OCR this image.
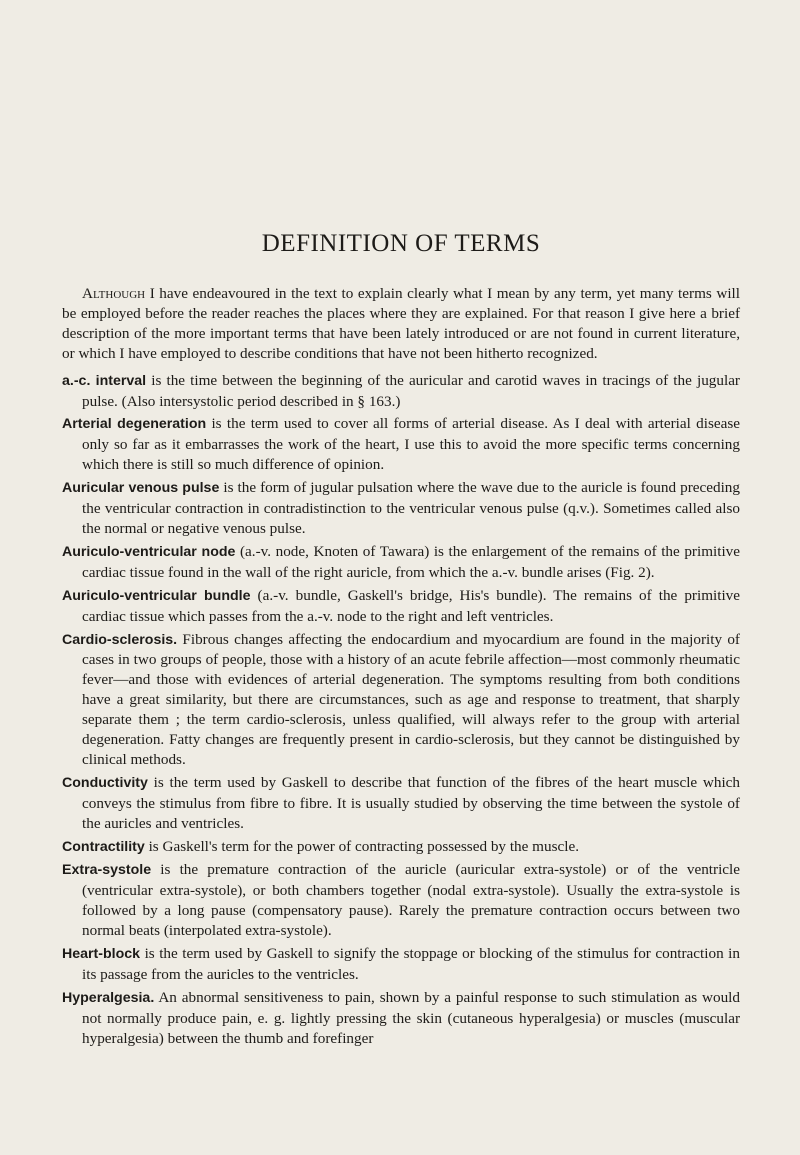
DEFINITION OF TERMS

Although I have endeavoured in the text to explain clearly what I mean by any term, yet many terms will be employed before the reader reaches the places where they are explained. For that reason I give here a brief description of the more important terms that have been lately introduced or are not found in current literature, or which I have employed to describe conditions that have not been hitherto recognized.

a.-c. interval is the time between the beginning of the auricular and carotid waves in tracings of the jugular pulse. (Also intersystolic period described in § 163.)

Arterial degeneration is the term used to cover all forms of arterial disease. As I deal with arterial disease only so far as it embarrasses the work of the heart, I use this to avoid the more specific terms concerning which there is still so much difference of opinion.

Auricular venous pulse is the form of jugular pulsation where the wave due to the auricle is found preceding the ventricular contraction in contradistinction to the ventricular venous pulse (q.v.). Sometimes called also the normal or negative venous pulse.

Auriculo-ventricular node (a.-v. node, Knoten of Tawara) is the enlargement of the remains of the primitive cardiac tissue found in the wall of the right auricle, from which the a.-v. bundle arises (Fig. 2).

Auriculo-ventricular bundle (a.-v. bundle, Gaskell's bridge, His's bundle). The remains of the primitive cardiac tissue which passes from the a.-v. node to the right and left ventricles.

Cardio-sclerosis. Fibrous changes affecting the endocardium and myocardium are found in the majority of cases in two groups of people, those with a history of an acute febrile affection—most commonly rheumatic fever—and those with evidences of arterial degeneration. The symptoms resulting from both conditions have a great similarity, but there are circumstances, such as age and response to treatment, that sharply separate them ; the term cardio-sclerosis, unless qualified, will always refer to the group with arterial degeneration. Fatty changes are frequently present in cardio-sclerosis, but they cannot be distinguished by clinical methods.

Conductivity is the term used by Gaskell to describe that function of the fibres of the heart muscle which conveys the stimulus from fibre to fibre. It is usually studied by observing the time between the systole of the auricles and ventricles.

Contractility is Gaskell's term for the power of contracting possessed by the muscle.

Extra-systole is the premature contraction of the auricle (auricular extra-systole) or of the ventricle (ventricular extra-systole), or both chambers together (nodal extra-systole). Usually the extra-systole is followed by a long pause (compensatory pause). Rarely the premature contraction occurs between two normal beats (interpolated extra-systole).

Heart-block is the term used by Gaskell to signify the stoppage or blocking of the stimulus for contraction in its passage from the auricles to the ventricles.

Hyperalgesia. An abnormal sensitiveness to pain, shown by a painful response to such stimulation as would not normally produce pain, e. g. lightly pressing the skin (cutaneous hyperalgesia) or muscles (muscular hyperalgesia) between the thumb and forefinger
